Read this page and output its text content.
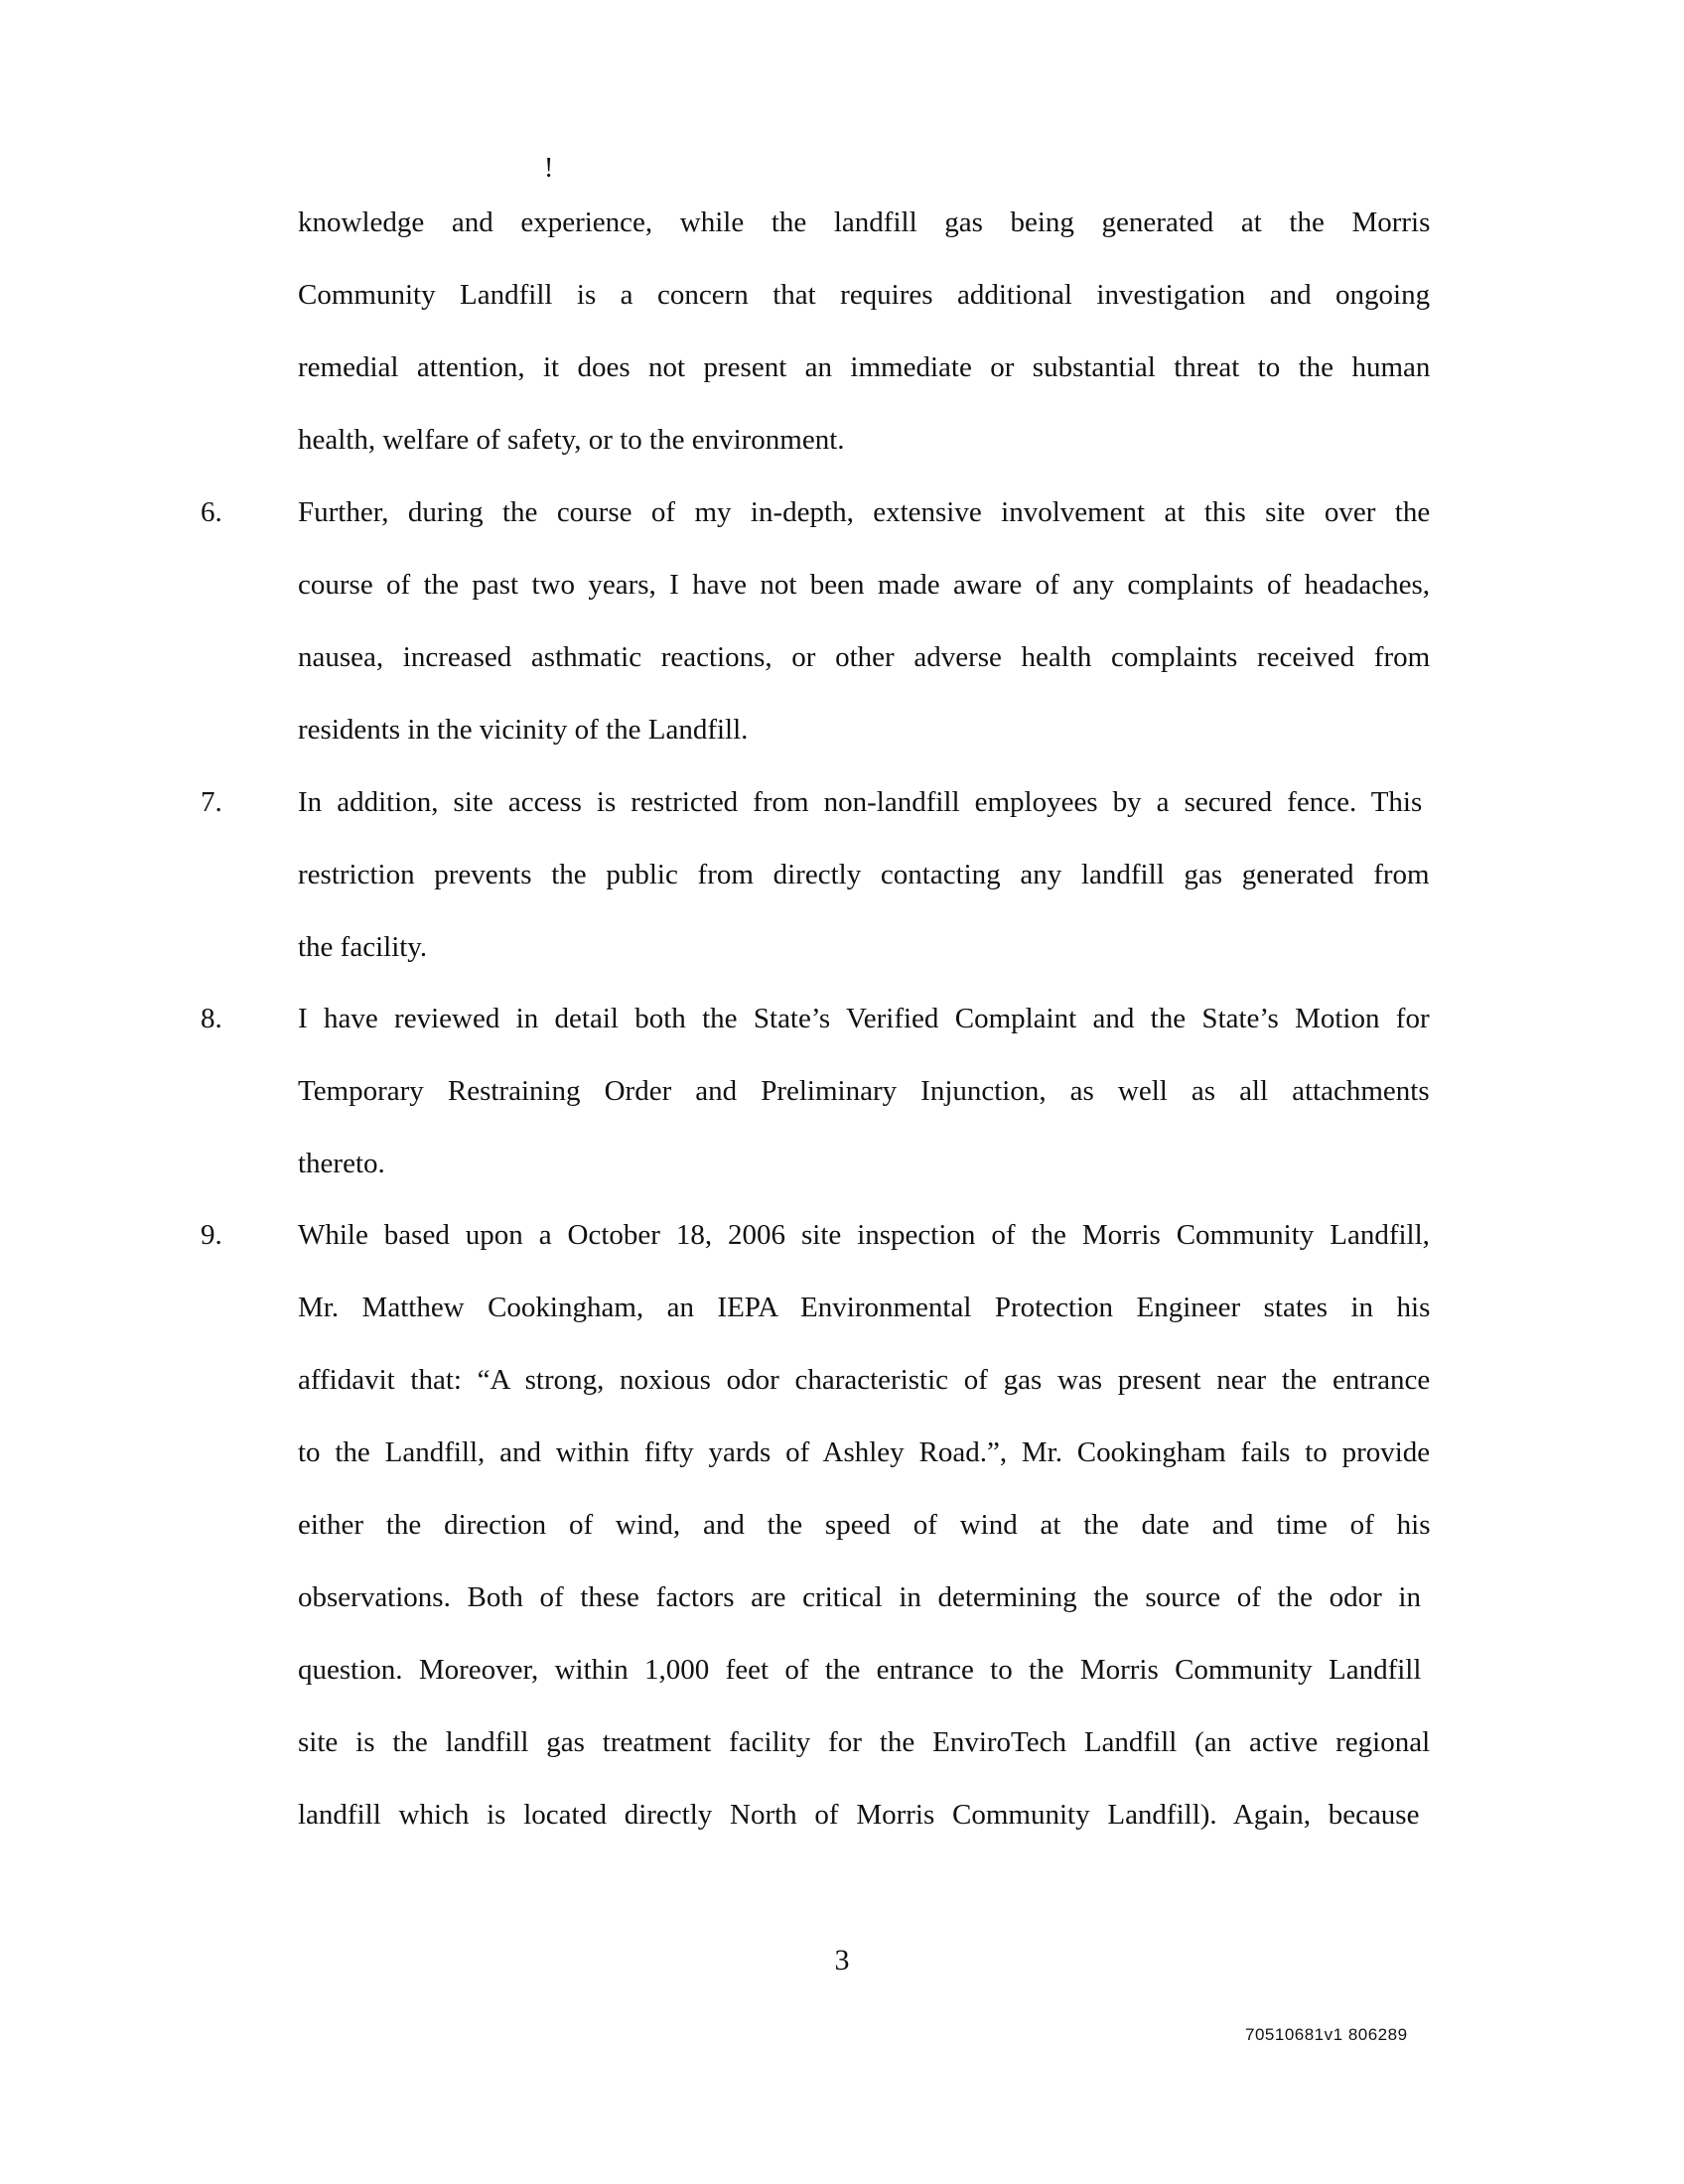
!
knowledge and experience, while the landfill gas being generated at the Morris
Community Landfill is a concern that requires additional investigation and ongoing
remedial attention, it does not present an immediate or substantial threat to the human
health, welfare of safety, or to the environment.
6.	Further, during the course of my in-depth, extensive involvement at this site over the
course of the past two years, I have not been made aware of any complaints of headaches,
nausea, increased asthmatic reactions, or other adverse health complaints received from
residents in the vicinity of the Landfill.
7.	In addition, site access is restricted from non-landfill employees by a secured fence. This
restriction prevents the public from directly contacting any landfill gas generated from
the facility.
8.	I have reviewed in detail both the State’s Verified Complaint and the State’s Motion for
Temporary Restraining Order and Preliminary Injunction, as well as all attachments
thereto.
9.	While based upon a October 18, 2006 site inspection of the Morris Community Landfill,
Mr. Matthew Cookingham, an IEPA Environmental Protection Engineer states in his
affidavit that: “A strong, noxious odor characteristic of gas was present near the entrance
to the Landfill, and within fifty yards of Ashley Road.”, Mr. Cookingham fails to provide
either the direction of wind, and the speed of wind at the date and time of his
observations. Both of these factors are critical in determining the source of the odor in
question. Moreover, within 1,000 feet of the entrance to the Morris Community Landfill
site is the landfill gas treatment facility for the EnviroTech Landfill (an active regional
landfill which is located directly North of Morris Community Landfill). Again, because
3
70510681v1 806289
